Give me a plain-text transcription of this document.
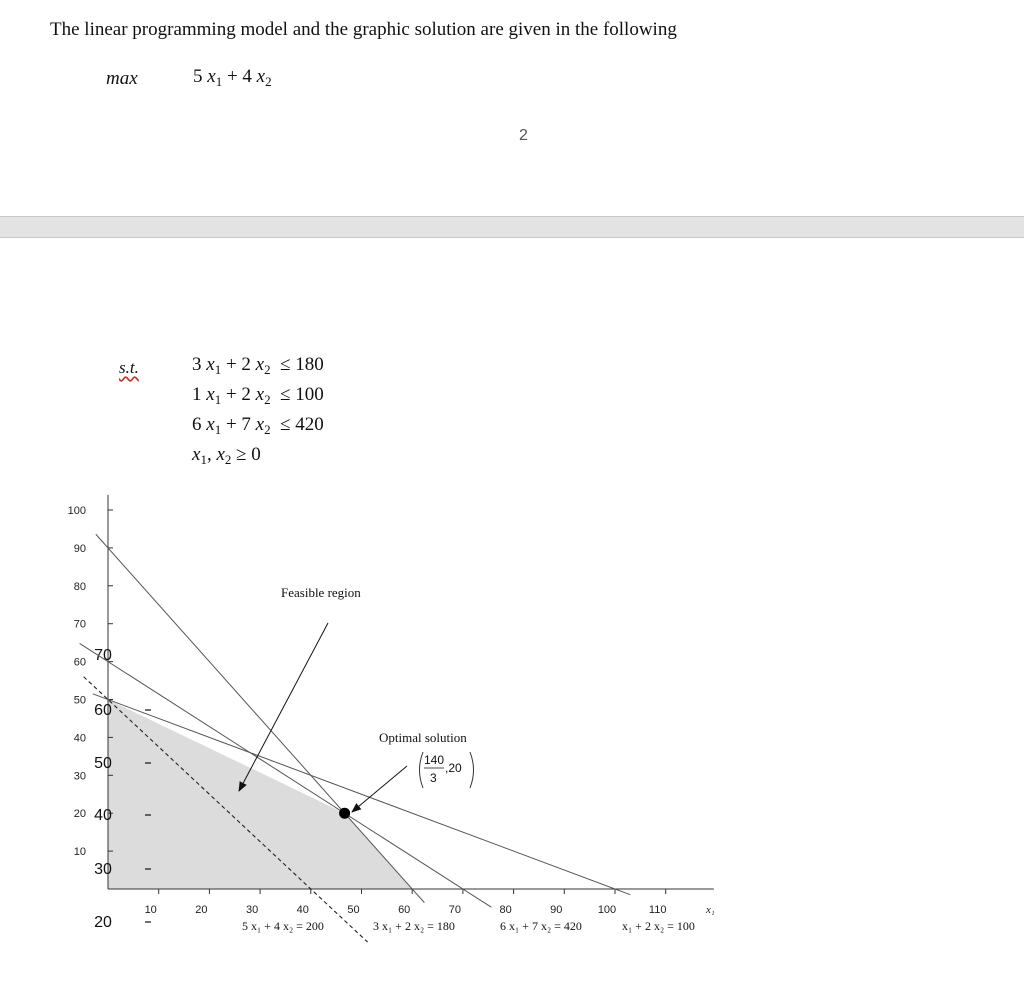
The linear programming model and the graphic solution are given in the following
max	5 $x_1 + 4$ $x_2$
2
s.t.	3 $x_1 + 2$ $x_2 \le 180$
1 $x_1 + 2$ $x_2 \le 100$
6 $x_1 + 7$ $x_2 \le 420$
$x_1$, $x_2 \ge 0$
10
20
30
40
50
60
70
80
90
100
10	20	30	40	50	60	70	80	90	100	110	x₁
70
60
50
40
30
20
Feasible region
Optimal solution
140
3
,20
5 x₁ + 4 x₂ = 200	3 x₁ + 2 x₂ = 180	6 x₁ + 7 x₂ = 420	x₁ + 2 x₂ = 100
